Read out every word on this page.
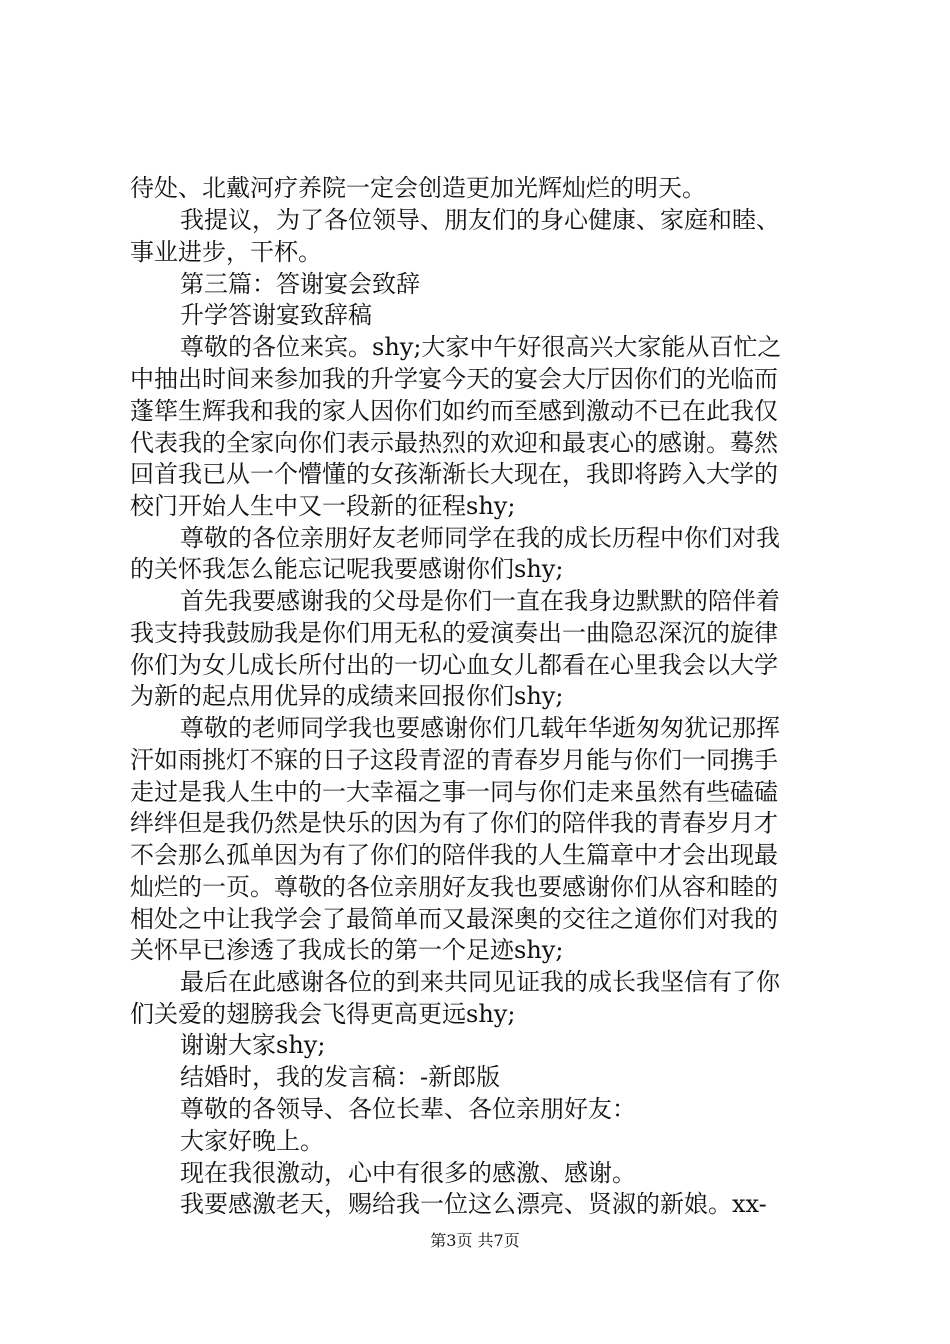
待处、北戴河疗养院一定会创造更加光辉灿烂的明天。
我提议，为了各位领导、朋友们的身心健康、家庭和睦、
事业进步，干杯。
第三篇：答谢宴会致辞
升学答谢宴致辞稿
尊敬的各位来宾。shy;大家中午好很高兴大家能从百忙之
中抽出时间来参加我的升学宴今天的宴会大厅因你们的光临而
蓬筚生辉我和我的家人因你们如约而至感到激动不已在此我仅
代表我的全家向你们表示最热烈的欢迎和最衷心的感谢。蓦然
回首我已从一个懵懂的女孩渐渐长大现在，我即将跨入大学的
校门开始人生中又一段新的征程shy;
尊敬的各位亲朋好友老师同学在我的成长历程中你们对我
的关怀我怎么能忘记呢我要感谢你们shy;
首先我要感谢我的父母是你们一直在我身边默默的陪伴着
我支持我鼓励我是你们用无私的爱演奏出一曲隐忍深沉的旋律
你们为女儿成长所付出的一切心血女儿都看在心里我会以大学
为新的起点用优异的成绩来回报你们shy;
尊敬的老师同学我也要感谢你们几载年华逝匆匆犹记那挥
汗如雨挑灯不寐的日子这段青涩的青春岁月能与你们一同携手
走过是我人生中的一大幸福之事一同与你们走来虽然有些磕磕
绊绊但是我仍然是快乐的因为有了你们的陪伴我的青春岁月才
不会那么孤单因为有了你们的陪伴我的人生篇章中才会出现最
灿烂的一页。尊敬的各位亲朋好友我也要感谢你们从容和睦的
相处之中让我学会了最简单而又最深奥的交往之道你们对我的
关怀早已渗透了我成长的第一个足迹shy;
最后在此感谢各位的到来共同见证我的成长我坚信有了你
们关爱的翅膀我会飞得更高更远shy;
谢谢大家shy;
结婚时，我的发言稿：-新郎版
尊敬的各领导、各位长辈、各位亲朋好友：
大家好晚上。
现在我很激动，心中有很多的感激、感谢。
我要感激老天，赐给我一位这么漂亮、贤淑的新娘。xx-
第3页 共7页
